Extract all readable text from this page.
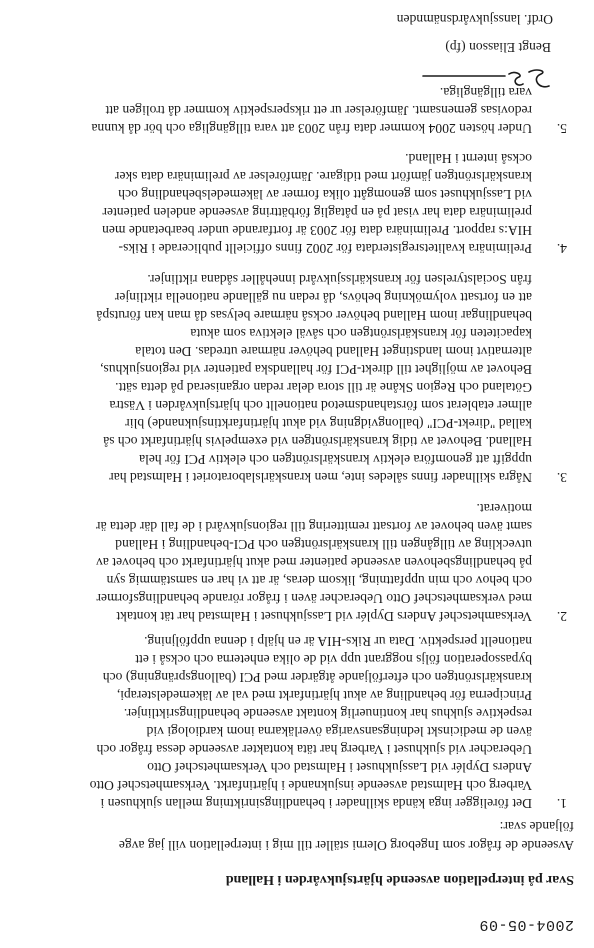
2004-05-09
Svar på interpellation avseende hjärtsjukvården i Halland
Avseende de frågor som Ingeborg Olerni ställer till mig i interpellation vill jag avge
följande svar:
1.
Det föreligger inga kända skillnader i behandlingsinriktning mellan sjukhusen i
Varberg och Halmstad avseende insjuknande i hjärtinfarkt. Verksamhetschef Otto
Anders Dyplér vid Lassjukhuset i Halmstad och Verksamhetschef Otto
Ueberacher vid sjukhuset i Varberg har täta kontakter avseende dessa frågor och
även de medicinskt ledningsansvariga överläkarna inom kardiologi vid
respektive sjukhus har kontinuerlig kontakt avseende behandlingsriktlinjer.
Principerna för behandling av akut hjärtinfarkt med val av läkemedelsterapi,
kranskärlsröntgen och efterföljande åtgärder med PCI (ballongsprängning) och
bypassoperation följs noggrant upp vid de olika enheterna och också i ett
nationellt perspektiv. Data ur Riks-HIA är en hjälp i denna uppföljning.
2.
Verksamhetschef Anders Dyplér vid Lassjukhuset i Halmstad har tät kontakt
med verksamhetschef Otto Ueberacher även i frågor rörande behandlingsformer
och behov och min uppfattning, liksom deras, är att vi har en samstämmig syn
på behandlingsbehoven avseende patienter med akut hjärtinfarkt och behovet av
utveckling av tillgången till kranskärlsröntgen och PCI-behandling i Halland
samt även behovet av fortsatt remittering till regionsjukvård i de fall där detta är
motiverat.
3.
Några skillnader finns således inte, men kranskärlslaboratoriet i Halmstad har
uppgift att genomföra elektiv kranskärlsröntgen och elektiv PCI för hela
Halland. Behovet av tidig kranskärlsröntgen vid exempelvis hjärtinfarkt och så
kallad "direkt-PCI" (ballongvidgning vid akut hjärtinfarktinsjuknande) blir
allmer etablerat som förstahandsmetod nationellt och hjärtsjukvården i Västra
Götaland och Region Skåne är till stora delar redan organiserad på detta sätt.
Behovet av möjlighet till direkt-PCI för hallandska patienter vid regionsjukhus,
alternativt inom landstinget Halland behöver närmare utredas. Den totala
kapaciteten för kranskärlsröntgen och såväl elektiva som akuta
behandlingar inom Halland behöver också närmare belysas då man kan förutspå
att en fortsatt volymökning behövs, då redan nu gällande nationella riktlinjer
från Socialstyrelsen för kranskärlssjukvård innehåller sådana riktlinjer.
4.
Preliminära kvalitetsregisterdata för 2002 finns officiellt publicerade i Riks-
HIA:s rapport. Preliminära data för 2003 är fortfarande under bearbetande men
preliminära data har visat på en påtaglig förbättring avseende andelen patienter
vid Lassjukhuset som genomgått olika former av läkemedelsbehandling och
kranskärlsröntgen jämfört med tidigare. Jämförelser av preliminära data sker
också internt i Halland.
5.
Under hösten 2004 kommer data från 2003 att vara tillgängliga och bör då kunna
redovisas gemensamt. Jämförelser ur ett riksperspektiv kommer då troligen att
vara tillgängliga.
Bengt Eliasson (fp)
Ordf. lanssjukvårdsnämnden
